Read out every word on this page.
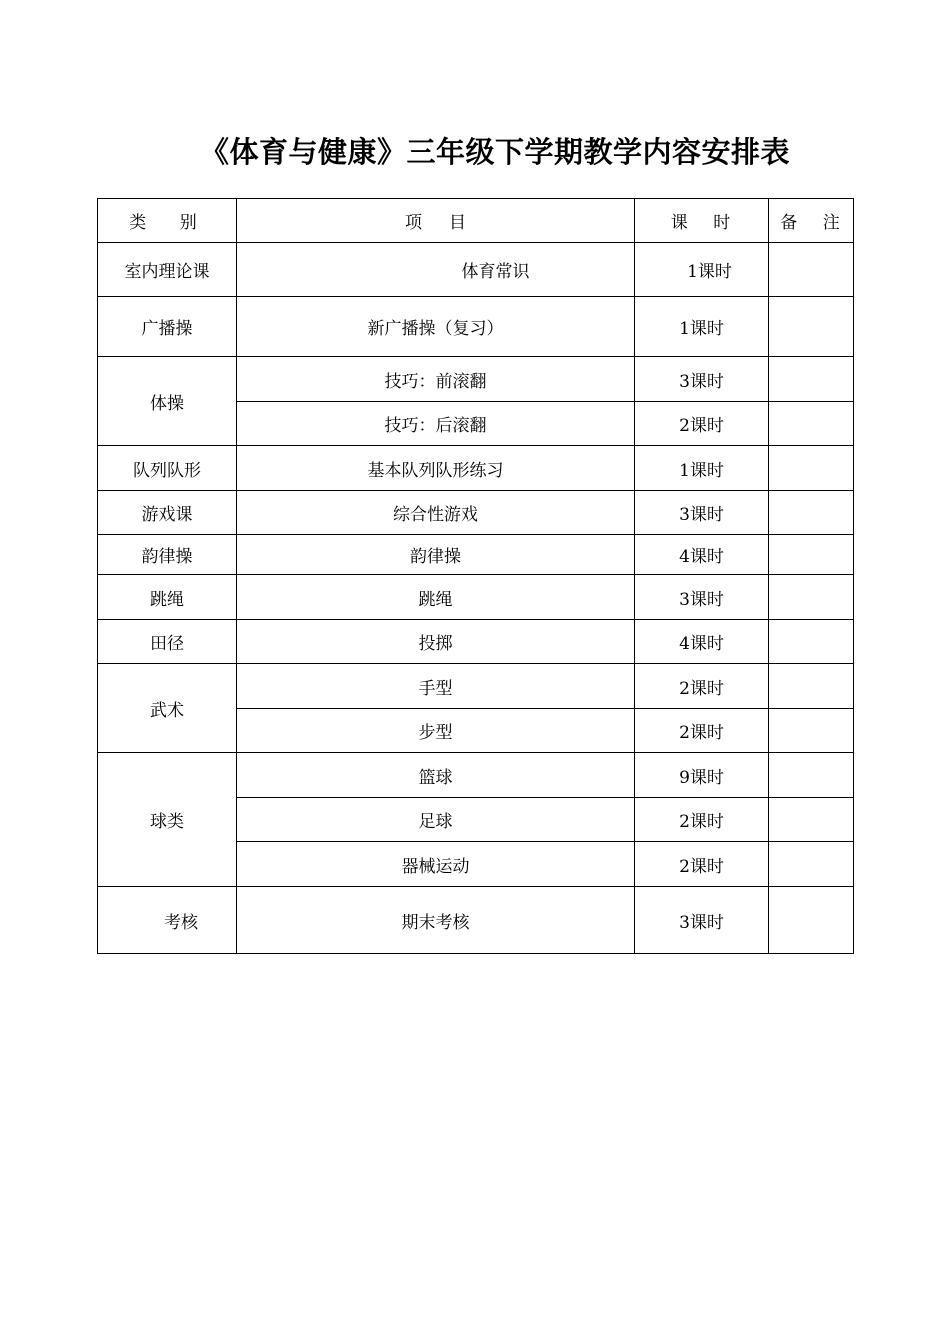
《体育与健康》三年级下学期教学内容安排表
类 别	项     目	课 时	备 注
室内理论课	体育常识	1课时	
广播操	新广播操（复习）	1课时	
体操	技巧：前滚翻	3课时	
	技巧：后滚翻	2课时	
队列队形	基本队列队形练习	1课时	
游戏课	综合性游戏	3课时	
韵律操	韵律操	4课时	
跳绳	跳绳	3课时	
田径	投掷	4课时	
武术	手型	2课时	
	步型	2课时	
球类	篮球	9课时	
	足球	2课时	
	器械运动	2课时	
考核	期末考核	3课时	
